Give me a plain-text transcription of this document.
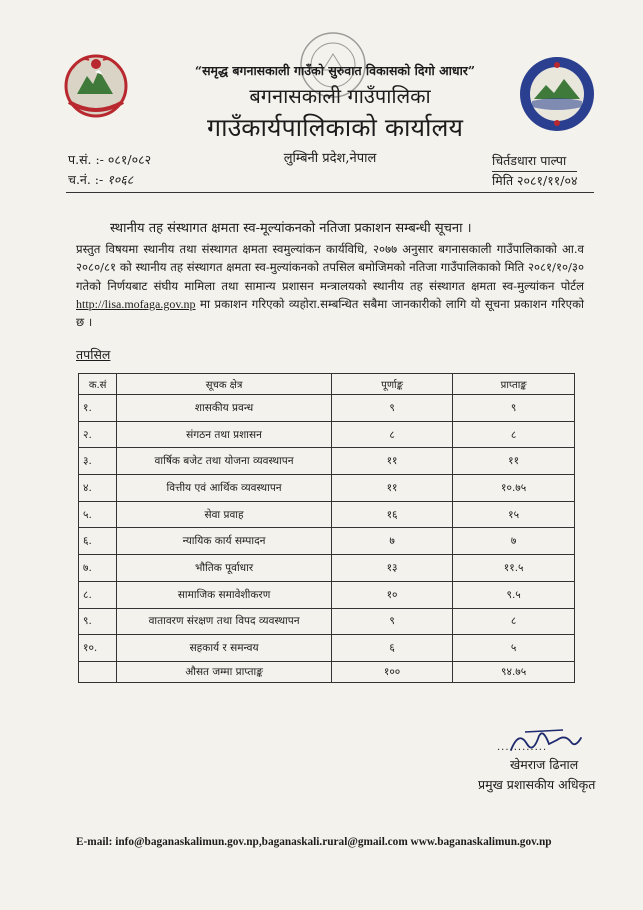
“समृद्ध बगनासकाली गाउँको सुरुवात विकासको दिगो आधार”
बगनासकाली गाउँपालिका
गाउँकार्यपालिकाको कार्यालय
लुम्बिनी प्रदेश,नेपाल
प.सं. :- ०८१/०८२
च.नं. :- १०६८
चिर्तडधारा पाल्पा
मिति २०८१/११/०४
स्थानीय तह संस्थागत क्षमता स्व-मूल्यांकनको नतिजा प्रकाशन सम्बन्धी सूचना ।
प्रस्तुत विषयमा स्थानीय तथा संस्थागत क्षमता स्वमुल्यांकन कार्यविधि, २०७७ अनुसार बगनासकाली गाउँपालिकाको आ.व २०८०/८१ को स्थानीय तह संस्थागत क्षमता स्व-मुल्यांकनको तपसिल बमोजिमको नतिजा गाउँपालिकाको मिति २०८१/१०/३० गतेको निर्णयबाट संघीय मामिला तथा सामान्य प्रशासन मन्त्रालयको स्थानीय तह संस्थागत क्षमता स्व-मुल्यांकन पोर्टल http://lisa.mofaga.gov.np मा प्रकाशन गरिएको व्यहोरा.सम्बन्धित सबैमा जानकारीको लागि यो सूचना प्रकाशन गरिएको छ ।
तपसिल
क.सं	सूचक क्षेत्र	पूर्णाङ्क	प्राप्ताङ्क
१.	शासकीय प्रवन्ध	९	९
२.	संगठन तथा प्रशासन	८	८
३.	वार्षिक बजेट तथा योजना व्यवस्थापन	११	११
४.	वित्तीय एवं आर्थिक व्यवस्थापन	११	१०.७५
५.	सेवा प्रवाह	१६	१५
६.	न्यायिक कार्य सम्पादन	७	७
७.	भौतिक पूर्वाधार	१३	११.५
८.	सामाजिक समावेशीकरण	१०	९.५
९.	वातावरण संरक्षण तथा विपद व्यवस्थापन	९	८
१०.	सहकार्य र समन्वय	६	५
	औसत जम्मा प्राप्ताङ्क	१००	९४.७५
............
खेमराज ढिनाल
प्रमुख प्रशासकीय अधिकृत
E-mail: info@baganaskalimun.gov.np,baganaskali.rural@gmail.com www.baganaskalimun.gov.np
